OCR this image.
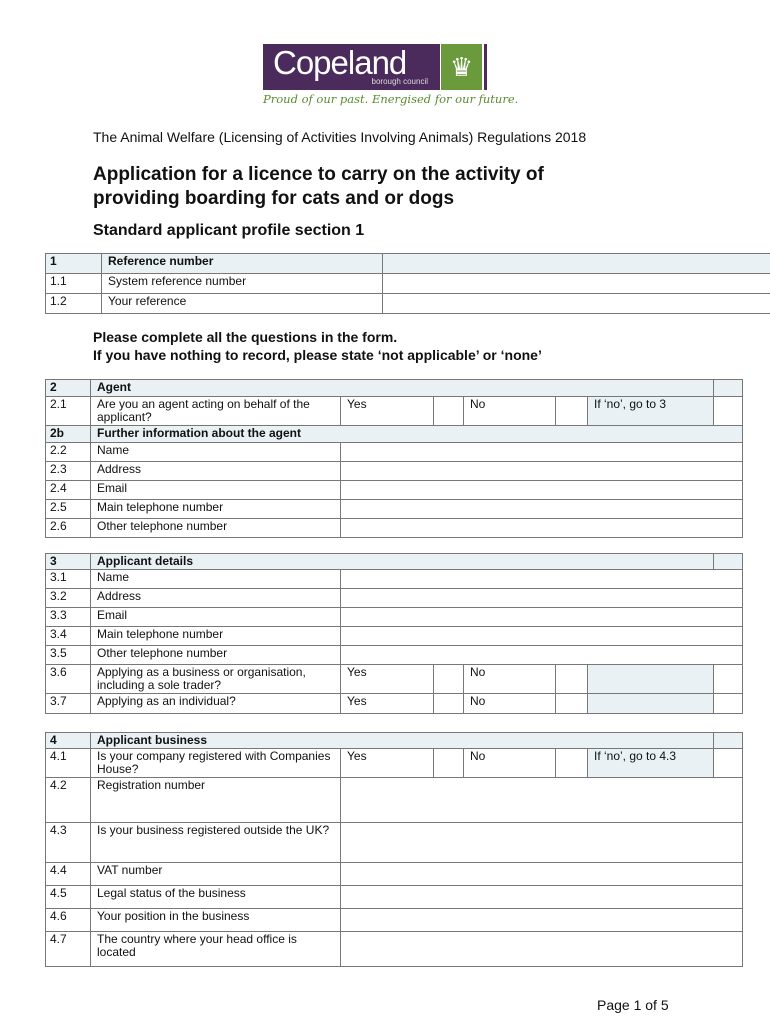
Copeland
borough council ♛
Proud of our past. Energised for our future.
The Animal Welfare (Licensing of Activities Involving Animals) Regulations 2018
Application for a licence to carry on the activity of
providing boarding for cats and or dogs
Standard applicant profile section 1
Please complete all the questions in the form.
If you have nothing to record, please state ‘not applicable’ or ‘none’
1	Reference number	
1.1	System reference number	
1.2	Your reference	
2	Agent						
2.1	Are you an agent acting on behalf of the applicant?	Yes		No		If ‘no’, go to 3	
2b	Further information about the agent						
2.2	Name						
2.3	Address						
2.4	Email						
2.5	Main telephone number						
2.6	Other telephone number						
3	Applicant details						
3.1	Name						
3.2	Address						
3.3	Email						
3.4	Main telephone number						
3.5	Other telephone number						
3.6	Applying as a business or organisation, including a sole trader?	Yes		No			
3.7	Applying as an individual?	Yes		No			
4	Applicant business						
4.1	Is your company registered with Companies House?	Yes		No		If ‘no’, go to 4.3	
4.2	Registration number						
4.3	Is your business registered outside the UK?						
4.4	VAT number						
4.5	Legal status of the business						
4.6	Your position in the business						
4.7	The country where your head office is located						
Page 1 of 5
